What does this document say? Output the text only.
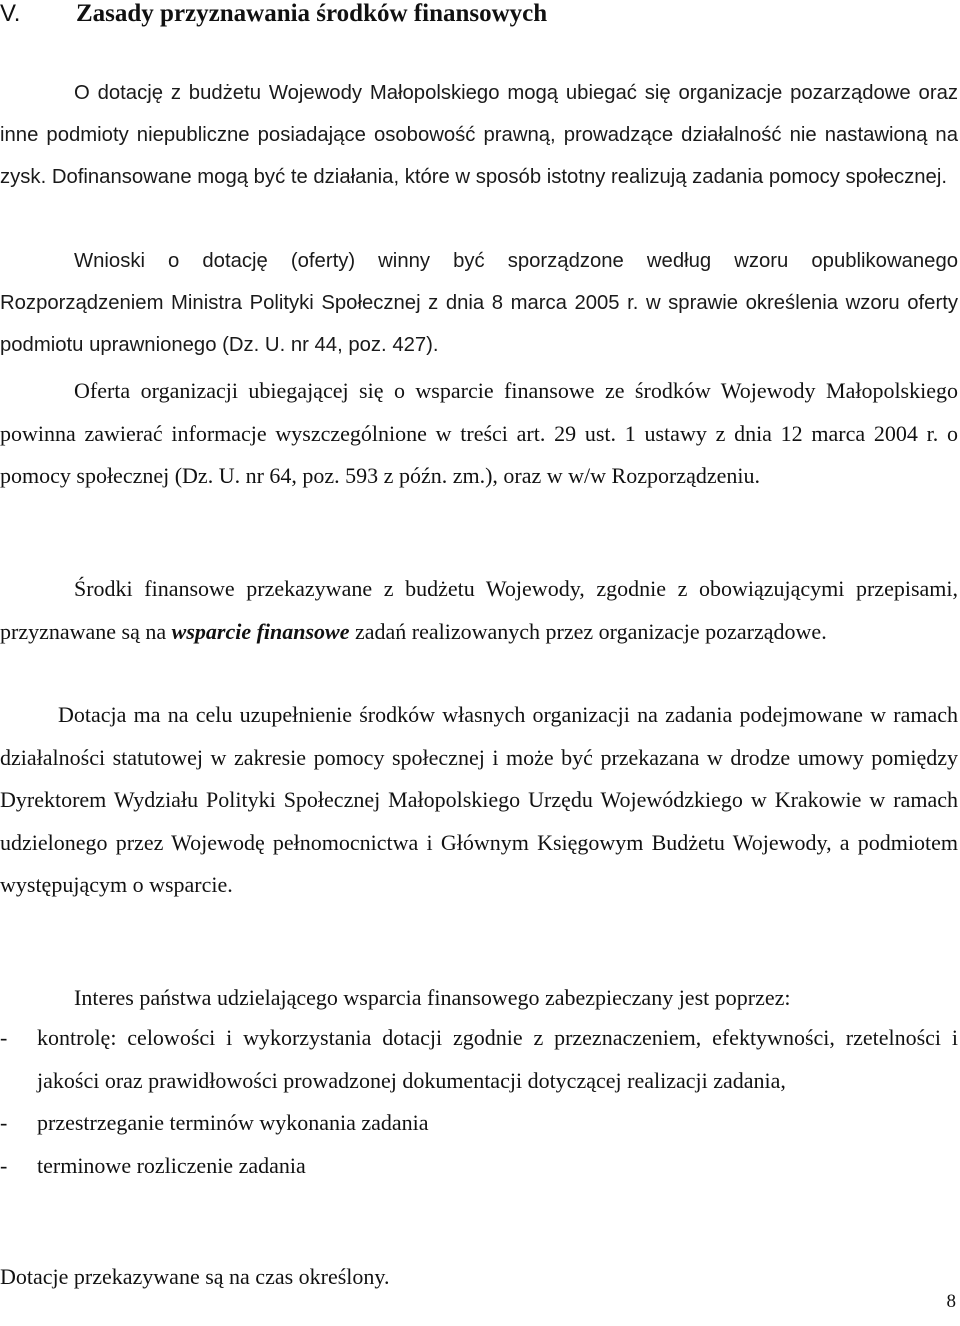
V. Zasady przyznawania środków finansowych
O dotację z budżetu Wojewody Małopolskiego mogą ubiegać się organizacje pozarządowe oraz inne podmioty niepubliczne posiadające osobowość prawną, prowadzące działalność nie nastawioną na zysk. Dofinansowane mogą być te działania, które w sposób istotny realizują zadania pomocy społecznej.
Wnioski o dotację (oferty) winny być sporządzone według wzoru opublikowanego Rozporządzeniem Ministra Polityki Społecznej z dnia 8 marca 2005 r. w sprawie określenia wzoru oferty podmiotu uprawnionego (Dz. U. nr 44, poz. 427).
Oferta organizacji ubiegającej się o wsparcie finansowe ze środków Wojewody Małopolskiego powinna zawierać informacje wyszczególnione w treści art. 29 ust. 1 ustawy z dnia 12 marca 2004 r. o pomocy społecznej (Dz. U. nr 64, poz. 593 z późn. zm.), oraz w w/w Rozporządzeniu.
Środki finansowe przekazywane z budżetu Wojewody, zgodnie z obowiązującymi przepisami, przyznawane są na wsparcie finansowe zadań realizowanych przez organizacje pozarządowe.
Dotacja ma na celu uzupełnienie środków własnych organizacji na zadania podejmowane w ramach działalności statutowej w zakresie pomocy społecznej i może być przekazana w drodze umowy pomiędzy Dyrektorem Wydziału Polityki Społecznej Małopolskiego Urzędu Wojewódzkiego w Krakowie w ramach udzielonego przez Wojewodę pełnomocnictwa i Głównym Księgowym Budżetu Wojewody, a podmiotem występującym o wsparcie.
Interes państwa udzielającego wsparcia finansowego zabezpieczany jest poprzez:
- kontrolę: celowości i wykorzystania dotacji zgodnie z przeznaczeniem, efektywności, rzetelności i jakości oraz prawidłowości prowadzonej dokumentacji dotyczącej realizacji zadania,
- przestrzeganie terminów wykonania zadania
- terminowe rozliczenie zadania
Dotacje przekazywane są na czas określony.
8
